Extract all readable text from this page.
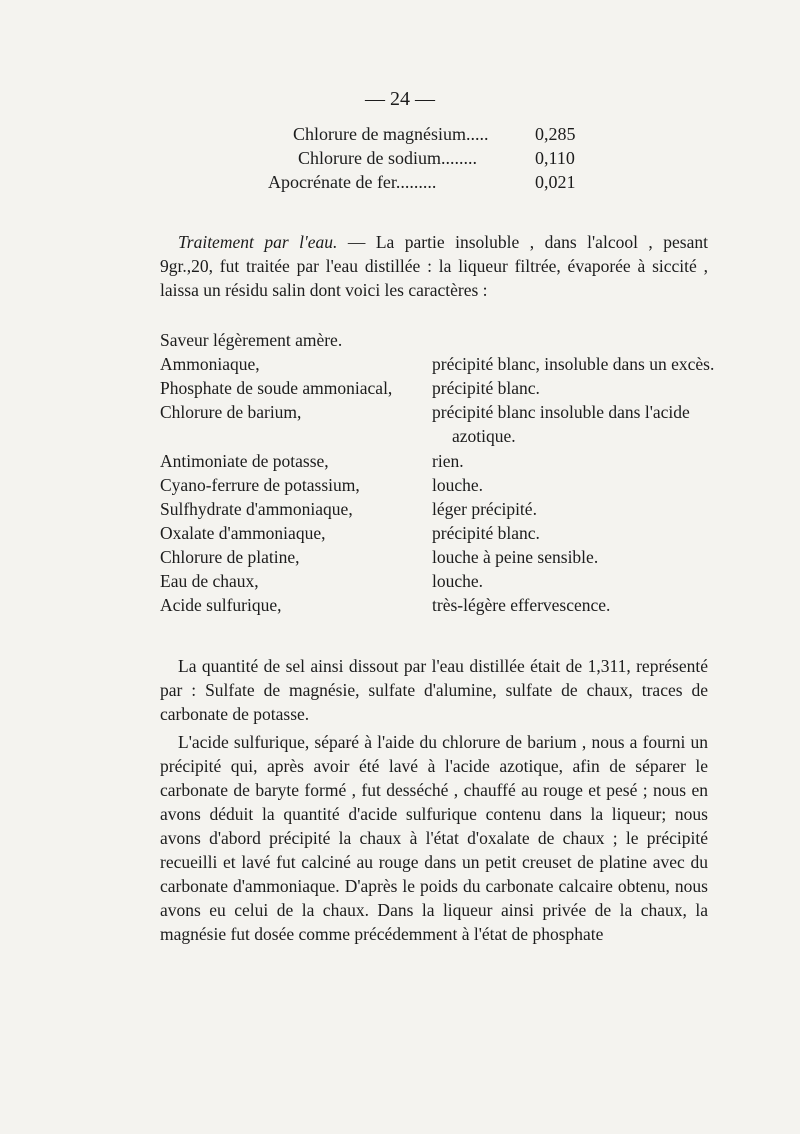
— 24 —
Chlorure de magnésium.....	0,285
Chlorure de sodium........	0,110
Apocrénate de fer.........	0,021

Traitement par l'eau. — La partie insoluble , dans l'alcool , pesant

9gr.,20, fut traitée par l'eau distillée : la liqueur filtrée, évaporée à siccité ,

laissa un résidu salin dont voici les caractères :

Saveur légèrement amère.
Ammoniaque,	précipité blanc, insoluble dans un excès.
Phosphate de soude ammoniacal, précipité blanc.
Chlorure de barium,	précipité blanc insoluble dans l'acide
azotique.
Antimoniate de potasse,	rien.
Cyano-ferrure de potassium,	louche.
Sulfhydrate d'ammoniaque,	léger précipité.
Oxalate d'ammoniaque,	précipité blanc.
Chlorure de platine,	louche à peine sensible.
Eau de chaux,	louche.
Acide sulfurique,	très-légère effervescence.

La quantité de sel ainsi dissout par l'eau distillée était de 1,311, représenté par : Sulfate de magnésie, sulfate d'alumine, sulfate de chaux, traces de carbonate de potasse.

L'acide sulfurique, séparé à l'aide du chlorure de barium , nous a fourni un précipité qui, après avoir été lavé à l'acide azotique, afin de séparer le carbonate de baryte formé , fut desséché , chauffé au rouge et pesé ; nous en avons déduit la quantité d'acide sulfurique contenu dans la liqueur; nous avons d'abord précipité la chaux à l'état d'oxalate de chaux ; le précipité recueilli et lavé fut calciné au rouge dans un petit creuset de platine avec du carbonate d'ammoniaque. D'après le poids du carbonate calcaire obtenu, nous avons eu celui de la chaux. Dans la liqueur ainsi privée de la chaux, la magnésie fut dosée comme précédemment à l'état de phosphate
